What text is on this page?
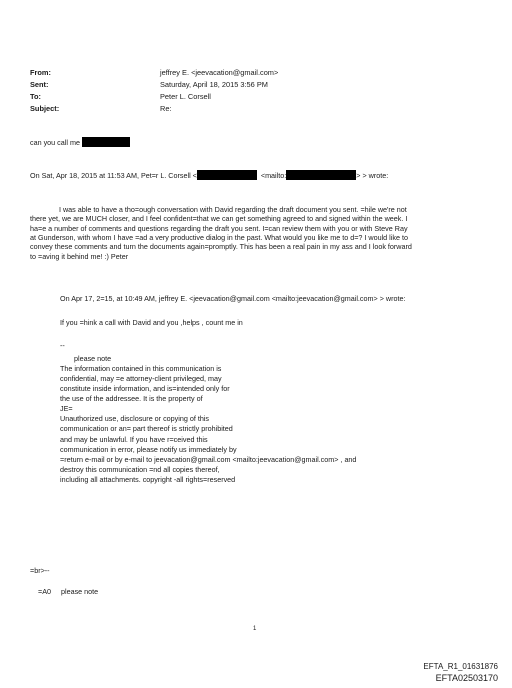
From:	jeffrey E. <jeevacation@gmail.com>
Sent:	Saturday, April 18, 2015 3:56 PM
To:	Peter L. Corsell
Subject:	Re:
can you call me
On Sat, Apr 18, 2015 at 11:53 AM, Pet=r L. Corsell <	<mailto:	> > wrote:
I was able to have a tho=ough conversation with David regarding the draft document you sent. =hile we're not
there yet, we are MUCH closer, and I feel confident=that we can get something agreed to and signed within the week. I
ha=e a number of comments and questions regarding the draft you sent. I=can review them with you or with Steve Ray
at Gunderson, with whom I have =ad a very productive dialog in the past. What would you like me to d=? I would like to
convey these comments and turn the documents again=promptly. This has been a real pain in my ass and I look forward
to =aving it behind me! :) Peter
On Apr 17, 2=15, at 10:49 AM, jeffrey E. <jeevacation@gmail.com <mailto:jeevacation@gmail.com> > wrote:
If you =hink a call with David and you ,helps , count me in
--
please note
The information contained in this communication is
confidential, may =e attorney-client privileged, may
constitute inside information, and is=intended only for
the use of the addressee. It is the property of
JE=
Unauthorized use, disclosure or copying of this
communication or an= part thereof is strictly prohibited
and may be unlawful. If you have r=ceived this
communication in error, please notify us immediately by
=return e-mail or by e-mail to jeevacation@gmail.com <mailto:jeevacation@gmail.com> , and
destroy this communication =nd all copies thereof,
including all attachments. copyright -all rights=reserved
=br>--
=A0 please note
1
EFTA_R1_01631876
EFTA02503170
